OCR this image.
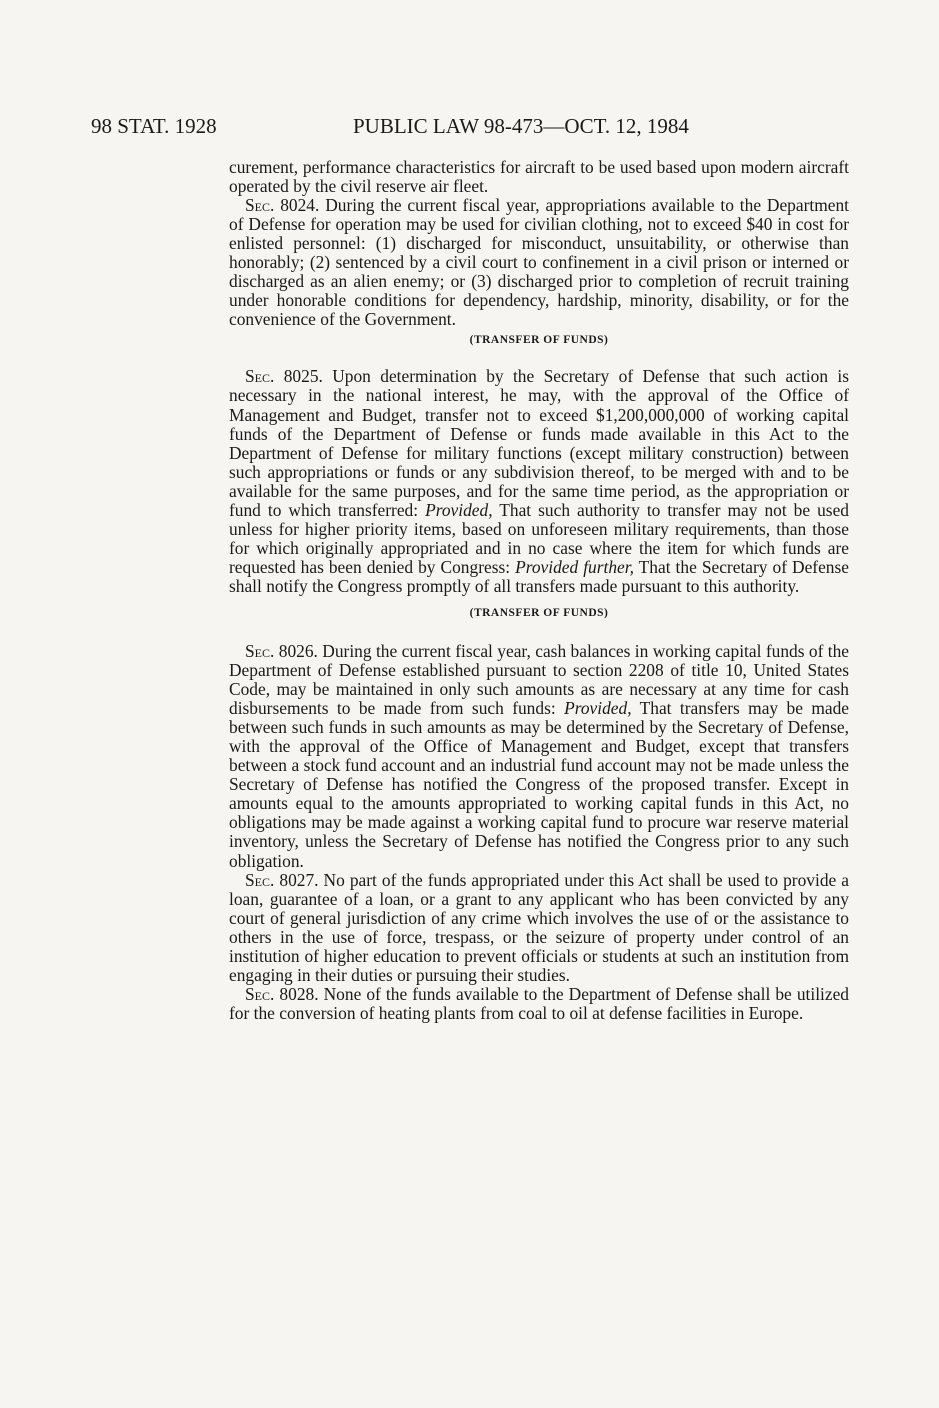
98 STAT. 1928	PUBLIC LAW 98-473—OCT. 12, 1984

curement, performance characteristics for aircraft to be used based upon modern aircraft operated by the civil reserve air fleet.

Sec. 8024. During the current fiscal year, appropriations available to the Department of Defense for operation may be used for civilian clothing, not to exceed $40 in cost for enlisted personnel: (1) discharged for misconduct, unsuitability, or otherwise than honorably; (2) sentenced by a civil court to confinement in a civil prison or interned or discharged as an alien enemy; or (3) discharged prior to completion of recruit training under honorable conditions for dependency, hardship, minority, disability, or for the convenience of the Government.

(TRANSFER OF FUNDS)

Sec. 8025. Upon determination by the Secretary of Defense that such action is necessary in the national interest, he may, with the approval of the Office of Management and Budget, transfer not to exceed $1,200,000,000 of working capital funds of the Department of Defense or funds made available in this Act to the Department of Defense for military functions (except military construction) between such appropriations or funds or any subdivision thereof, to be merged with and to be available for the same purposes, and for the same time period, as the appropriation or fund to which transferred: Provided, That such authority to transfer may not be used unless for higher priority items, based on unforeseen military requirements, than those for which originally appropriated and in no case where the item for which funds are requested has been denied by Congress: Provided further, That the Secretary of Defense shall notify the Congress promptly of all transfers made pursuant to this authority.

(TRANSFER OF FUNDS)

Sec. 8026. During the current fiscal year, cash balances in working capital funds of the Department of Defense established pursuant to section 2208 of title 10, United States Code, may be maintained in only such amounts as are necessary at any time for cash disbursements to be made from such funds: Provided, That transfers may be made between such funds in such amounts as may be determined by the Secretary of Defense, with the approval of the Office of Management and Budget, except that transfers between a stock fund account and an industrial fund account may not be made unless the Secretary of Defense has notified the Congress of the proposed transfer. Except in amounts equal to the amounts appropriated to working capital funds in this Act, no obligations may be made against a working capital fund to procure war reserve material inventory, unless the Secretary of Defense has notified the Congress prior to any such obligation.

Sec. 8027. No part of the funds appropriated under this Act shall be used to provide a loan, guarantee of a loan, or a grant to any applicant who has been convicted by any court of general jurisdiction of any crime which involves the use of or the assistance to others in the use of force, trespass, or the seizure of property under control of an institution of higher education to prevent officials or students at such an institution from engaging in their duties or pursuing their studies.

Sec. 8028. None of the funds available to the Department of Defense shall be utilized for the conversion of heating plants from coal to oil at defense facilities in Europe.
